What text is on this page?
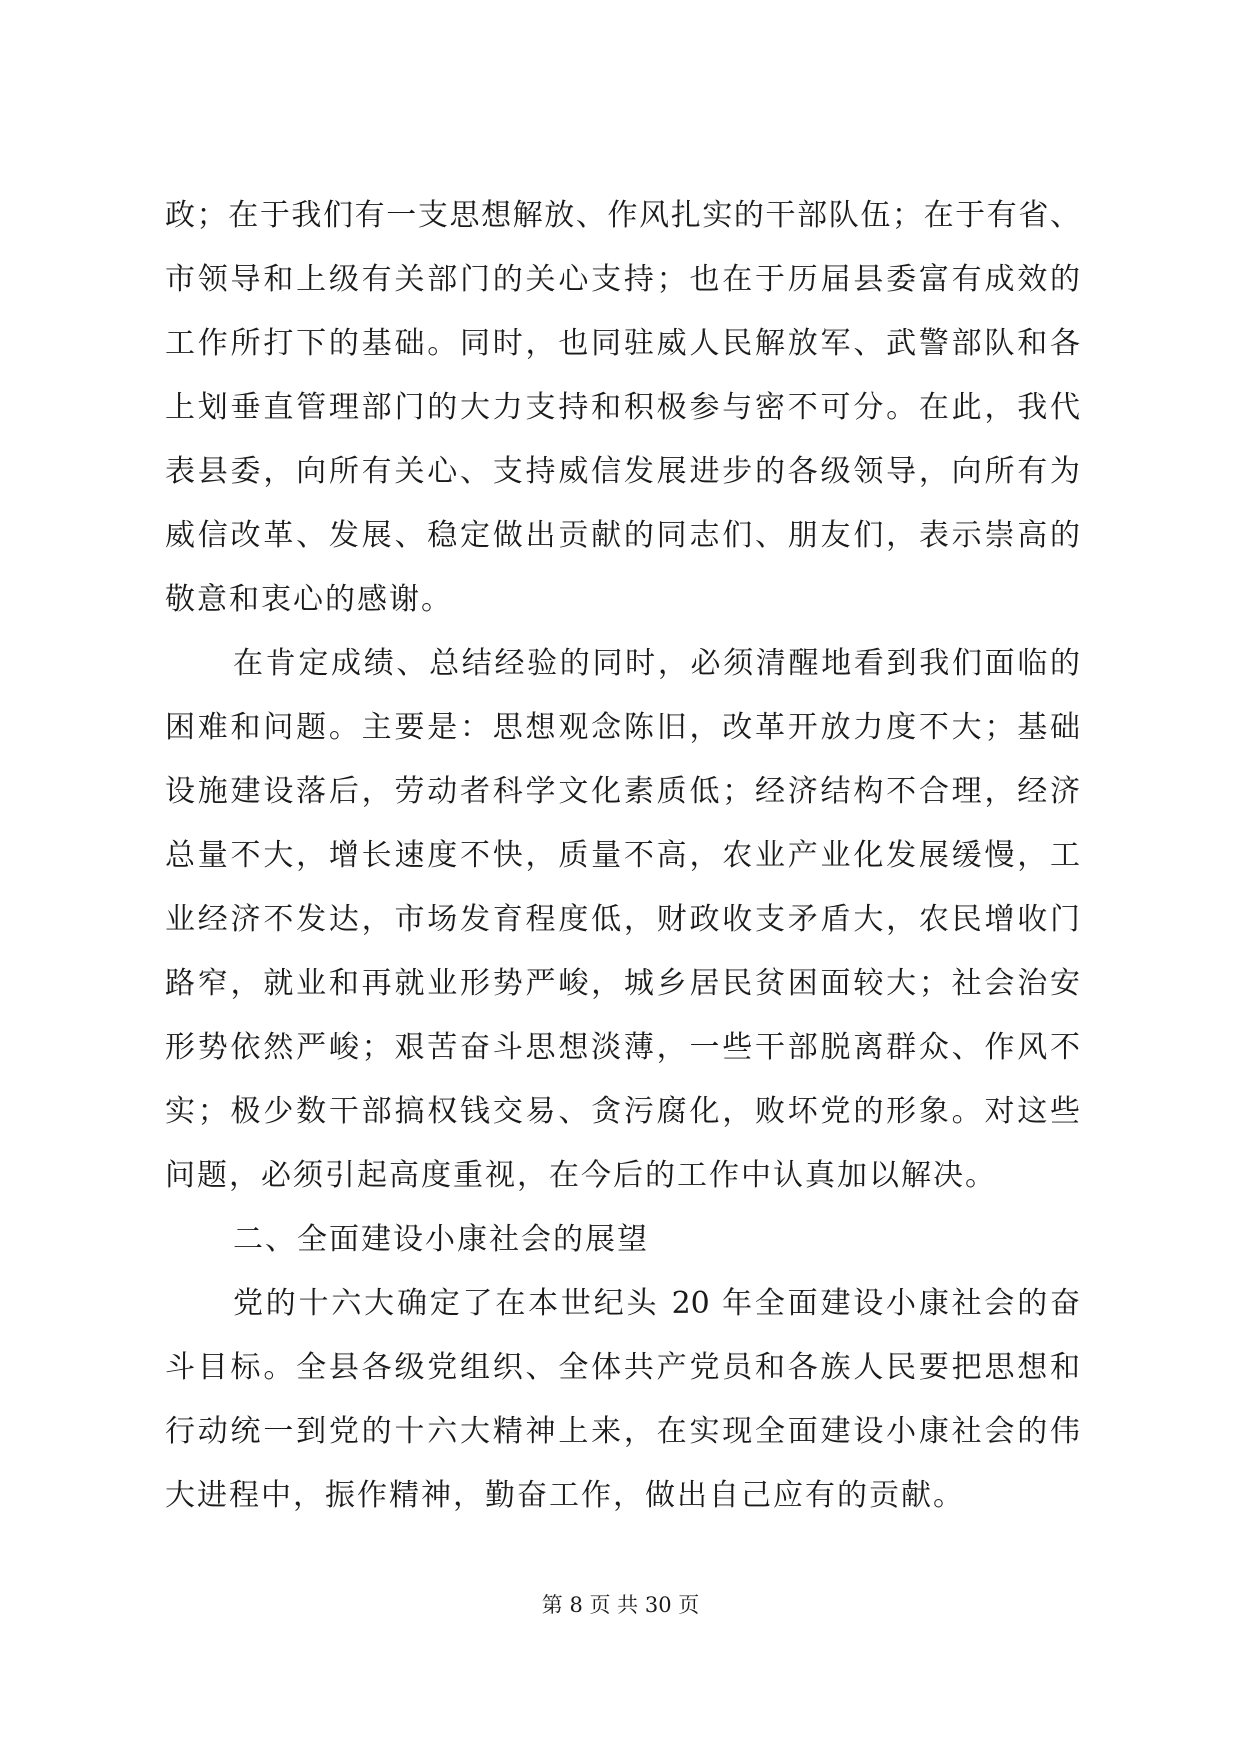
政；在于我们有一支思想解放、作风扎实的干部队伍；在于有省、
市领导和上级有关部门的关心支持；也在于历届县委富有成效的
工作所打下的基础。同时，也同驻威人民解放军、武警部队和各
上划垂直管理部门的大力支持和积极参与密不可分。在此，我代
表县委，向所有关心、支持威信发展进步的各级领导，向所有为
威信改革、发展、稳定做出贡献的同志们、朋友们，表示崇高的
敬意和衷心的感谢。
在肯定成绩、总结经验的同时，必须清醒地看到我们面临的
困难和问题。主要是：思想观念陈旧，改革开放力度不大；基础
设施建设落后，劳动者科学文化素质低；经济结构不合理，经济
总量不大，增长速度不快，质量不高，农业产业化发展缓慢，工
业经济不发达，市场发育程度低，财政收支矛盾大，农民增收门
路窄，就业和再就业形势严峻，城乡居民贫困面较大；社会治安
形势依然严峻；艰苦奋斗思想淡薄，一些干部脱离群众、作风不
实；极少数干部搞权钱交易、贪污腐化，败坏党的形象。对这些
问题，必须引起高度重视，在今后的工作中认真加以解决。
二、全面建设小康社会的展望
党的十六大确定了在本世纪头 20 年全面建设小康社会的奋
斗目标。全县各级党组织、全体共产党员和各族人民要把思想和
行动统一到党的十六大精神上来，在实现全面建设小康社会的伟
大进程中，振作精神，勤奋工作，做出自己应有的贡献。
第 8 页 共 30 页
